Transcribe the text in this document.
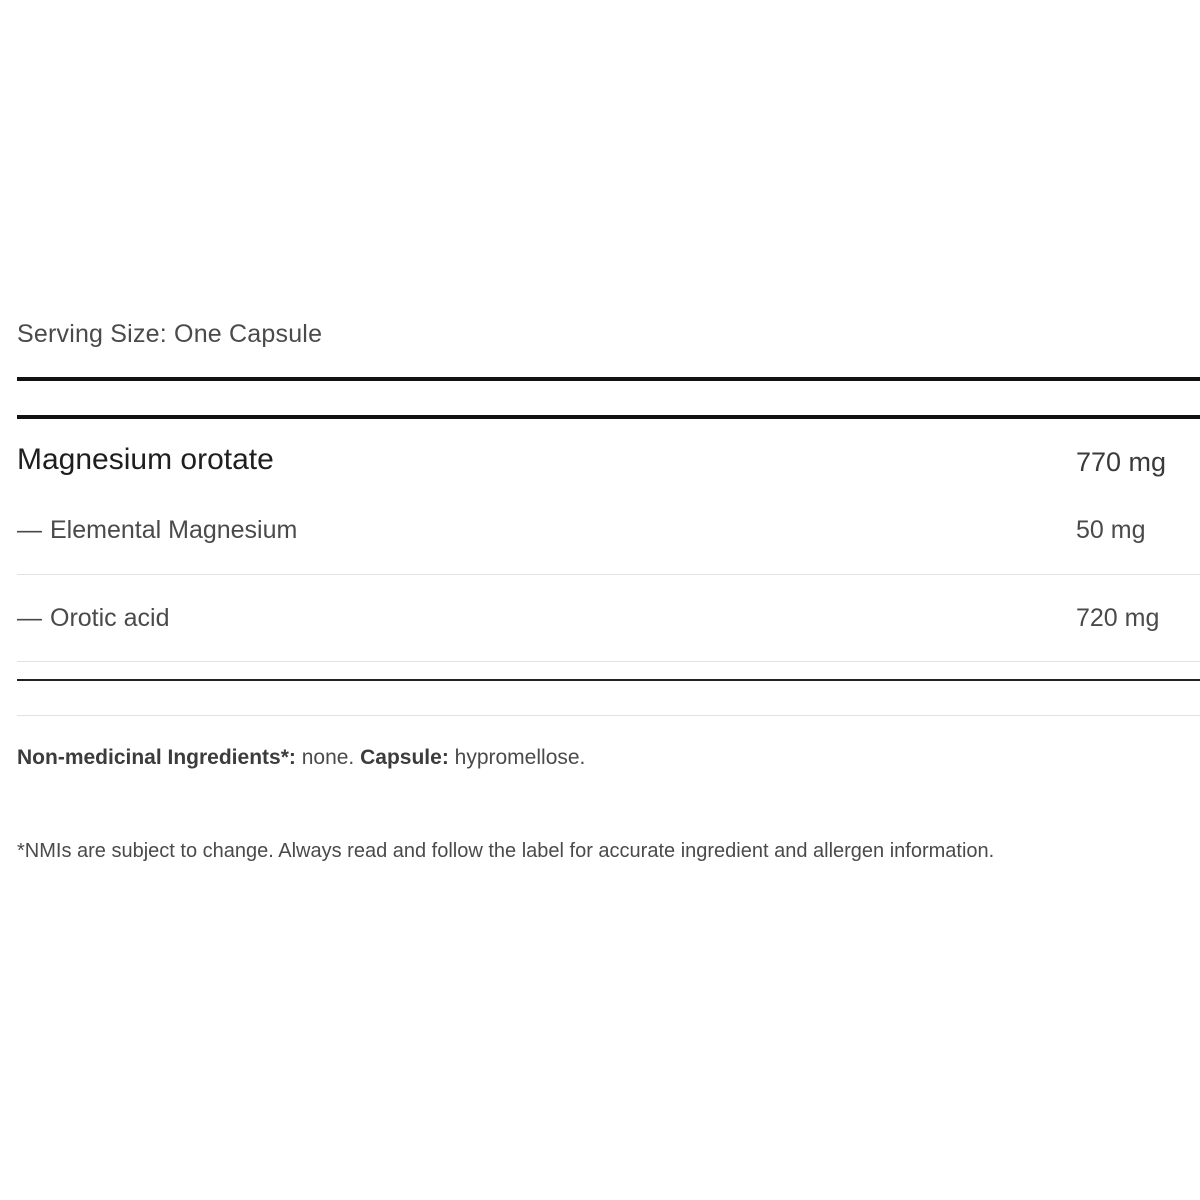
Serving Size: One Capsule
Magnesium orotate	770 mg
— Elemental Magnesium	50 mg
— Orotic acid	720 mg
Non-medicinal Ingredients*: none. Capsule: hypromellose.
*NMIs are subject to change. Always read and follow the label for accurate ingredient and allergen information.
